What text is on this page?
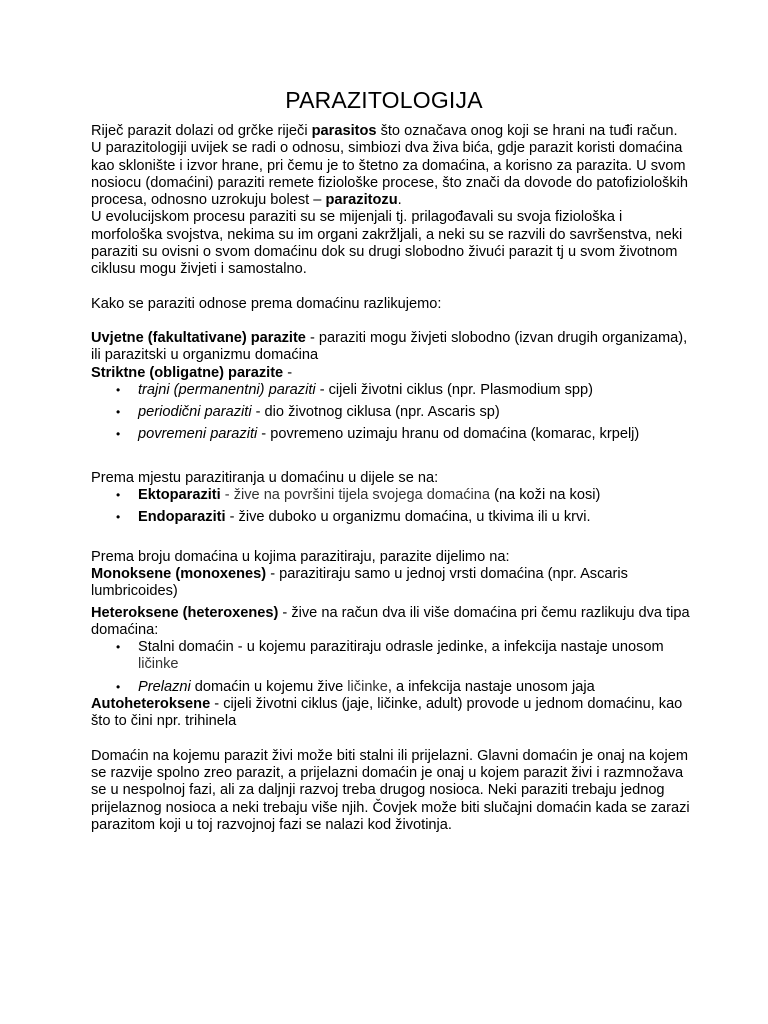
PARAZITOLOGIJA

Riječ parazit dolazi od grčke riječi parasitos što označava onog koji se hrani na tuđi račun. U parazitologiji uvijek se radi o odnosu, simbiozi dva živa bića, gdje parazit koristi domaćina kao sklonište i izvor hrane, pri čemu je to štetno za domaćina, a korisno za parazita. U svom nosiocu (domaćini) paraziti remete fiziološke procese, što znači da dovode do patofizioloških procesa, odnosno uzrokuju bolest – parazitozu.

U evolucijskom procesu paraziti su se mijenjali tj. prilagođavali su svoja fiziološka i morfološka svojstva, nekima su im organi zakržljali, a neki su se razvili do savršenstva, neki paraziti su ovisni o svom domaćinu dok su drugi slobodno živući parazit tj u svom životnom ciklusu mogu živjeti i samostalno.

Kako se paraziti odnose prema domaćinu razlikujemo:

Uvjetne (fakultativane) parazite - paraziti mogu živjeti slobodno (izvan drugih organizama), ili parazitski u organizmu domaćina

Striktne (obligatne) parazite -

• trajni (permanentni) paraziti - cijeli životni ciklus (npr. Plasmodium spp)
• periodični paraziti - dio životnog ciklusa (npr. Ascaris sp)
• povremeni paraziti - povremeno uzimaju hranu od domaćina (komarac, krpelj)

Prema mjestu parazitiranja u domaćinu u dijele se na:

• Ektoparaziti - žive na površini tijela svojega domaćina (na koži na kosi)
• Endoparaziti - žive duboko u organizmu domaćina, u tkivima ili u krvi.

Prema broju domaćina u kojima parazitiraju, parazite dijelimo na:

Monoksene (monoxenes) - parazitiraju samo u jednoj vrsti domaćina (npr. Ascaris lumbricoides)

Heteroksene (heteroxenes) - žive na račun dva ili više domaćina pri čemu razlikuju dva tipa domaćina:

• Stalni domaćin - u kojemu parazitiraju odrasle jedinke, a infekcija nastaje unosom ličinke
• Prelazni domaćin u kojemu žive ličinke, a infekcija nastaje unosom jaja

Autoheteroksene - cijeli životni ciklus (jaje, ličinke, adult) provode u jednom domaćinu, kao što to čini npr. trihinela

Domaćin na kojemu parazit živi može biti stalni ili prijelazni. Glavni domaćin je onaj na kojem se razvije spolno zreo parazit, a prijelazni domaćin je onaj u kojem parazit živi i razmnožava se u nespolnoj fazi, ali za daljnji razvoj treba drugog nosioca. Neki paraziti trebaju jednog prijelaznog nosioca a neki trebaju više njih. Čovjek može biti slučajni domaćin kada se zarazi parazitom koji u toj razvojnoj fazi se nalazi kod životinja.
